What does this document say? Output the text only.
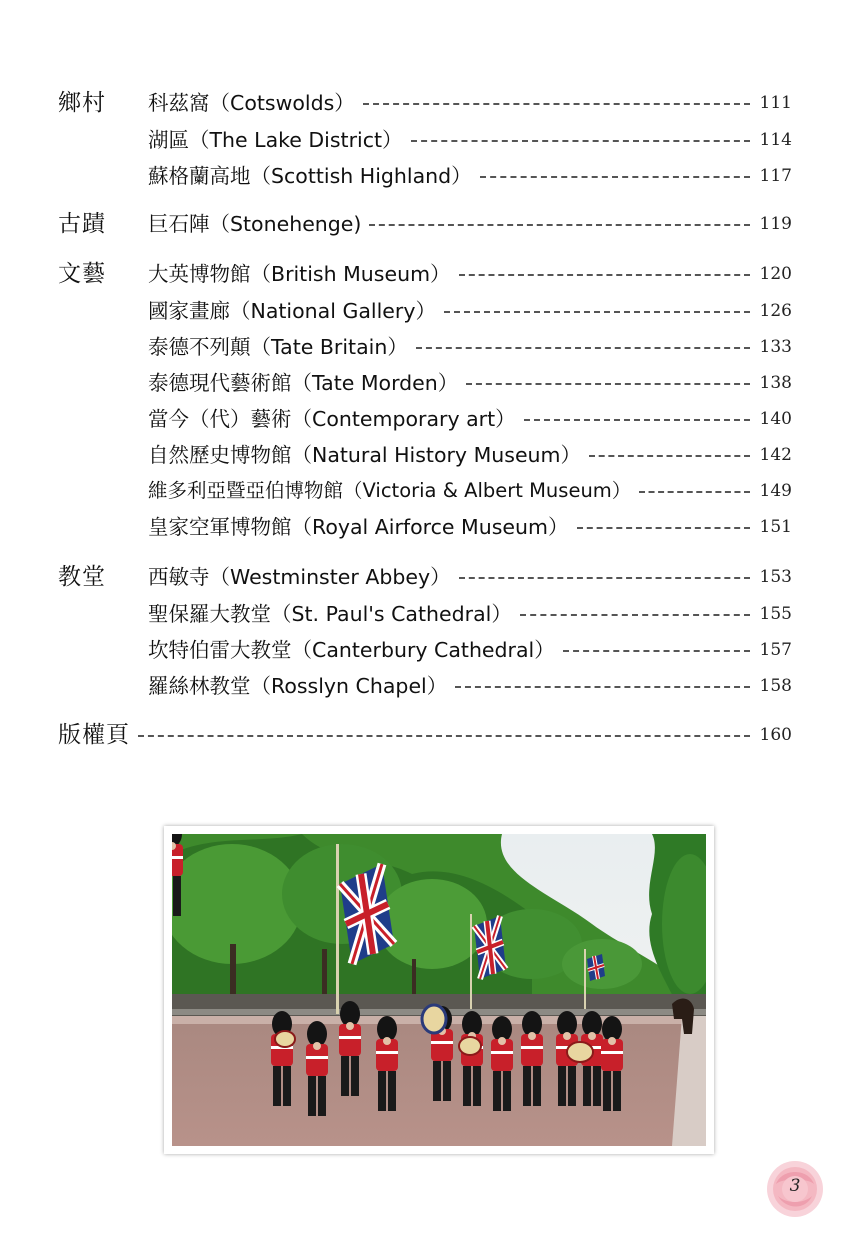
鄉村 科茲窩（Cotswolds）	111
湖區（The Lake District）	114
蘇格蘭高地（Scottish Highland）	117
古蹟 巨石陣（Stonehenge)	119
文藝 大英博物館（British Museum）	120
國家畫廊（National Gallery）	126
泰德不列顛（Tate Britain）	133
泰德現代藝術館（Tate Morden）	138
當今（代）藝術（Contemporary art）	140
自然歷史博物館（Natural History Museum）	142
維多利亞暨亞伯博物館（Victoria & Albert Museum）	149
皇家空軍博物館（Royal Airforce Museum）	151
教堂 西敏寺（Westminster Abbey）	153
聖保羅大教堂（St. Paul's Cathedral）	155
坎特伯雷大教堂（Canterbury Cathedral）	157
羅絲林教堂（Rosslyn Chapel）	158
版權頁	160
3
